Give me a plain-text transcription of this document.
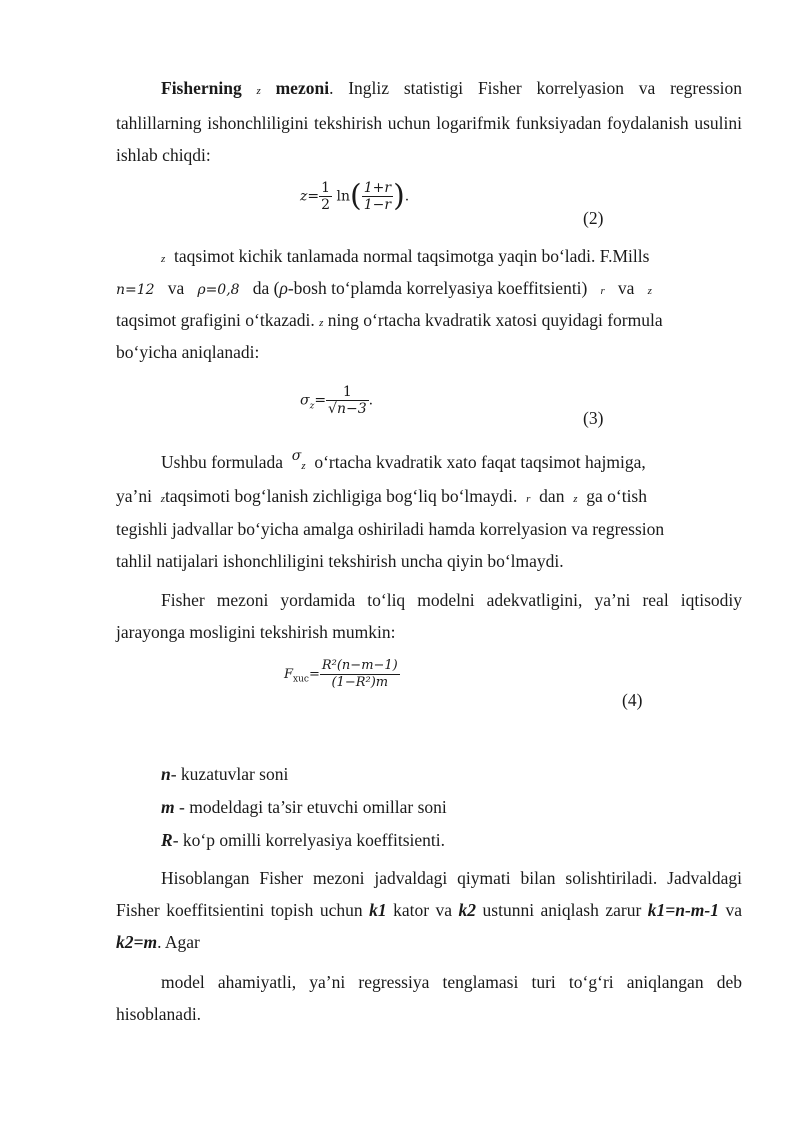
Fisherning z mezoni. Ingliz statistigi Fisher korrelyasion va regression tahlillarning ishonchliligini tekshirish uchun logarifmik funksiyadan foydalanish usulini ishlab chiqdi:
$z= \frac{1}{2} \ln( \frac{1+r}{1-r}$ ).
(2)
z taqsimot kichik tanlamada normal taqsimotga yaqin bo‘ladi. F.Mills
n=12 va ρ=0,8 da (ρ-bosh to‘plamda korrelyasiya koeffitsienti) r va z
taqsimot grafigini o‘tkazadi. z ning o‘rtacha kvadratik xatosi quyidagi formula
bo‘yicha aniqlanadi:
$\sigma_z= \frac{1}{√n-3}$ .
(3)
Ushbu formulada $^\sigma_z$ o‘rtacha kvadratik xato faqat taqsimot hajmiga,
ya’ni ztaqsimoti bog‘lanish zichligiga bog‘liq bo‘lmaydi. r dan z ga o‘tish
tegishli jadvallar bo‘yicha amalga oshiriladi hamda korrelyasion va regression
tahlil natijalari ishonchliligini tekshirish uncha qiyin bo‘lmaydi.
Fisher mezoni yordamida to‘liq modelni adekvatligini, ya’ni real iqtisodiy jarayonga mosligini tekshirish mumkin:
$F_{xuc}= \frac{\text{R²(n−m−1)}}{\text{(1−R²)m}}$
(4)
n- kuzatuvlar soni
m - modeldagi ta’sir etuvchi omillar soni
R- ko‘p omilli korrelyasiya koeffitsienti.
Hisoblangan Fisher mezoni jadvaldagi qiymati bilan solishtiriladi. Jadvaldagi Fisher koeffitsientini topish uchun k1 kator va k2 ustunni aniqlash zarur k1=n-m-1 va k2=m. Agar
model ahamiyatli, ya’ni regressiya tenglamasi turi to‘g‘ri aniqlangan deb hisoblanadi.
